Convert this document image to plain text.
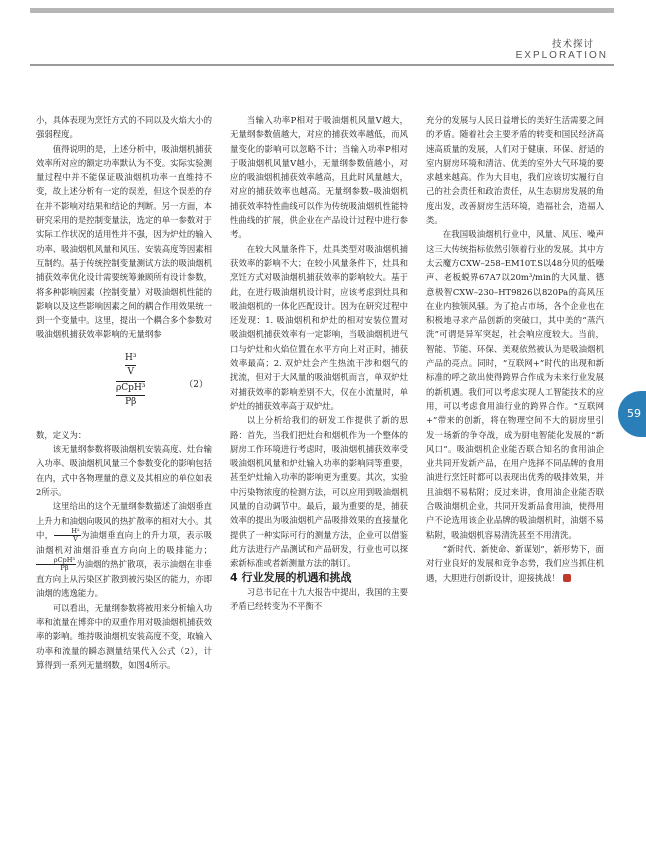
技术探讨
EXPLORATION

小，具体表现为烹饪方式的不同以及火焰大小的强弱程度。

值得说明的是，上述分析中，吸油烟机捕获效率所对应的额定功率默认为不变。实际实验测量过程中并不能保证吸油烟机功率一直维持不变，故上述分析有一定的误差，但这个误差的存在并不影响对结果和结论的判断。另一方面，本研究采用的是控制变量法，选定的单一参数对于实际工作状况的适用性并不强，因为炉灶的输入功率、吸油烟机风量和风压、安装高度等因素相互制约。基于传统控制变量测试方法的吸油烟机捕获效率优化设计需要统筹兼顾所有设计参数，将多种影响因素（控制变量）对吸油烟机性能的影响以及这些影响因素之间的耦合作用效果统一到一个变量中。这里，提出一个耦合多个参数对吸油烟机捕获效率影响的无量纲参

$\frac{\text{H³}}{V}$
ρCpH³
Pβ
（2）

数，定义为：

该无量纲参数将吸油烟机安装高度、灶台输入功率、吸油烟机风量三个参数变化的影响包括在内，式中各物理量的意义及其相应的单位如表2所示。

这里给出的这个无量纲参数描述了油烟垂直上升力和油烟向吸风的热扩散率的相对大小。其中， $\frac{\text{H²}}{V}$ 为油烟垂直向上的升力项，表示吸油烟机对油烟沿垂直方向向上的吸排能力；
$\frac{\text{ρCpH³}}{P\beta}$ 为油烟的热扩散项，表示油烟在非垂直方向上从污染区扩散到被污染区的能力，亦即油烟的逃逸能力。

可以看出，无量纲参数将被用来分析输入功率和流量在博弈中的双重作用对吸油烟机捕获效率的影响。维持吸油烟机安装高度不变，取输入功率和流量的瞬态测量结果代入公式（2），计算得到一系列无量纲数，如图4所示。

当输入功率P相对于吸油烟机风量V越大，无量纲参数值越大，对应的捕获效率越低，而风量变化的影响可以忽略不计；当输入功率P相对于吸油烟机风量V越小，无量纲参数值越小，对应的吸油烟机捕获效率越高，且此时风量越大，对应的捕获效率也越高。无量纲参数–吸油烟机捕获效率特性曲线可以作为传统吸油烟机性能特性曲线的扩展，供企业在产品设计过程中进行参考。

在较大风量条件下，灶具类型对吸油烟机捕获效率的影响不大；在较小风量条件下，灶具和烹饪方式对吸油烟机捕获效率的影响较大。基于此，在进行吸油烟机设计时，应该考虑到灶具和吸油烟机的一体化匹配设计。因为在研究过程中还发现：1. 吸油烟机和炉灶的相对安装位置对吸油烟机捕获效率有一定影响，当吸油烟机进气口与炉灶和火焰位置在水平方向上对正时，捕获效率最高；2. 双炉灶会产生热流干涉和烟气的扰流，但对于大风量的吸油烟机而言，单双炉灶对捕获效率的影响差别不大，仅在小流量时，单炉灶的捕获效率高于双炉灶。

以上分析给我们的研发工作提供了新的思路：首先，当我们把灶台和烟机作为一个整体的厨房工作环境进行考虑时，吸油烟机捕获效率受吸油烟机风量和炉灶输入功率的影响同等重要，甚至炉灶输入功率的影响更为重要。其次，实验中污染物浓度的检测方法，可以应用到吸油烟机风量的自动调节中。最后，最为重要的是，捕获效率的提出为吸油烟机产品吸排效果的直接量化提供了一种实际可行的测量方法，企业可以借鉴此方法进行产品测试和产品研发，行业也可以探索新标准或者新测量方法的制订。

4 行业发展的机遇和挑战

习总书记在十九大报告中提出，我国的主要矛盾已经转变为不平衡不

充分的发展与人民日益增长的美好生活需要之间的矛盾。随着社会主要矛盾的转变和国民经济高速高质量的发展，人们对于健康、环保、舒适的室内厨房环境和清洁、优美的室外大气环境的要求越来越高。作为大目电，我们应该切实履行自己的社会责任和政治责任，从生态厨房发展的角度出发，改善厨房生活环境，造福社会，造福人类。

在我国吸油烟机行业中，风量、风压、噪声这三大传统指标依然引领着行业的发展。其中方太云魔方CXW–258–EM10T.S以48分贝的低噪声、老板蜕界67A7以20m³/min的大风量、德意极智CXW–230–HT9826以820Pa的高风压在业内独领风骚。为了抢占市场，各个企业也在积极地寻求产品创新的突破口，其中美的“蒸汽洗”可谓是异军突起，社会响应度较大。当前，智能、节能、环保、美观依然被认为是吸油烟机产品的亮点。同时，“互联网+”时代的出现和新标准的呼之欲出使得跨界合作成为未来行业发展的新机遇。我们可以考虑实现人工智能技术的应用，可以考虑食用油行业的跨界合作。“互联网+”带来的创新，将在物理空间不大的厨房里引发一场新的争夺战，成为厨电智能化发展的“新风口”。吸油烟机企业能否联合知名的食用油企业共同开发新产品，在用户选择不同品牌的食用油进行烹饪时都可以表现出优秀的吸排效果，并且油烟不易粘附；反过来讲，食用油企业能否联合吸油烟机企业，共同开发新品食用油，使得用户不论选用该企业品牌的吸油烟机时，油烟不易粘附，吸油烟机容易清洗甚至不用清洗。

“新时代、新使命、新谋划”，新形势下，面对行业良好的发展和竞争态势，我们应当抓住机遇，大胆进行创新设计，迎接挑战！	◎

59
